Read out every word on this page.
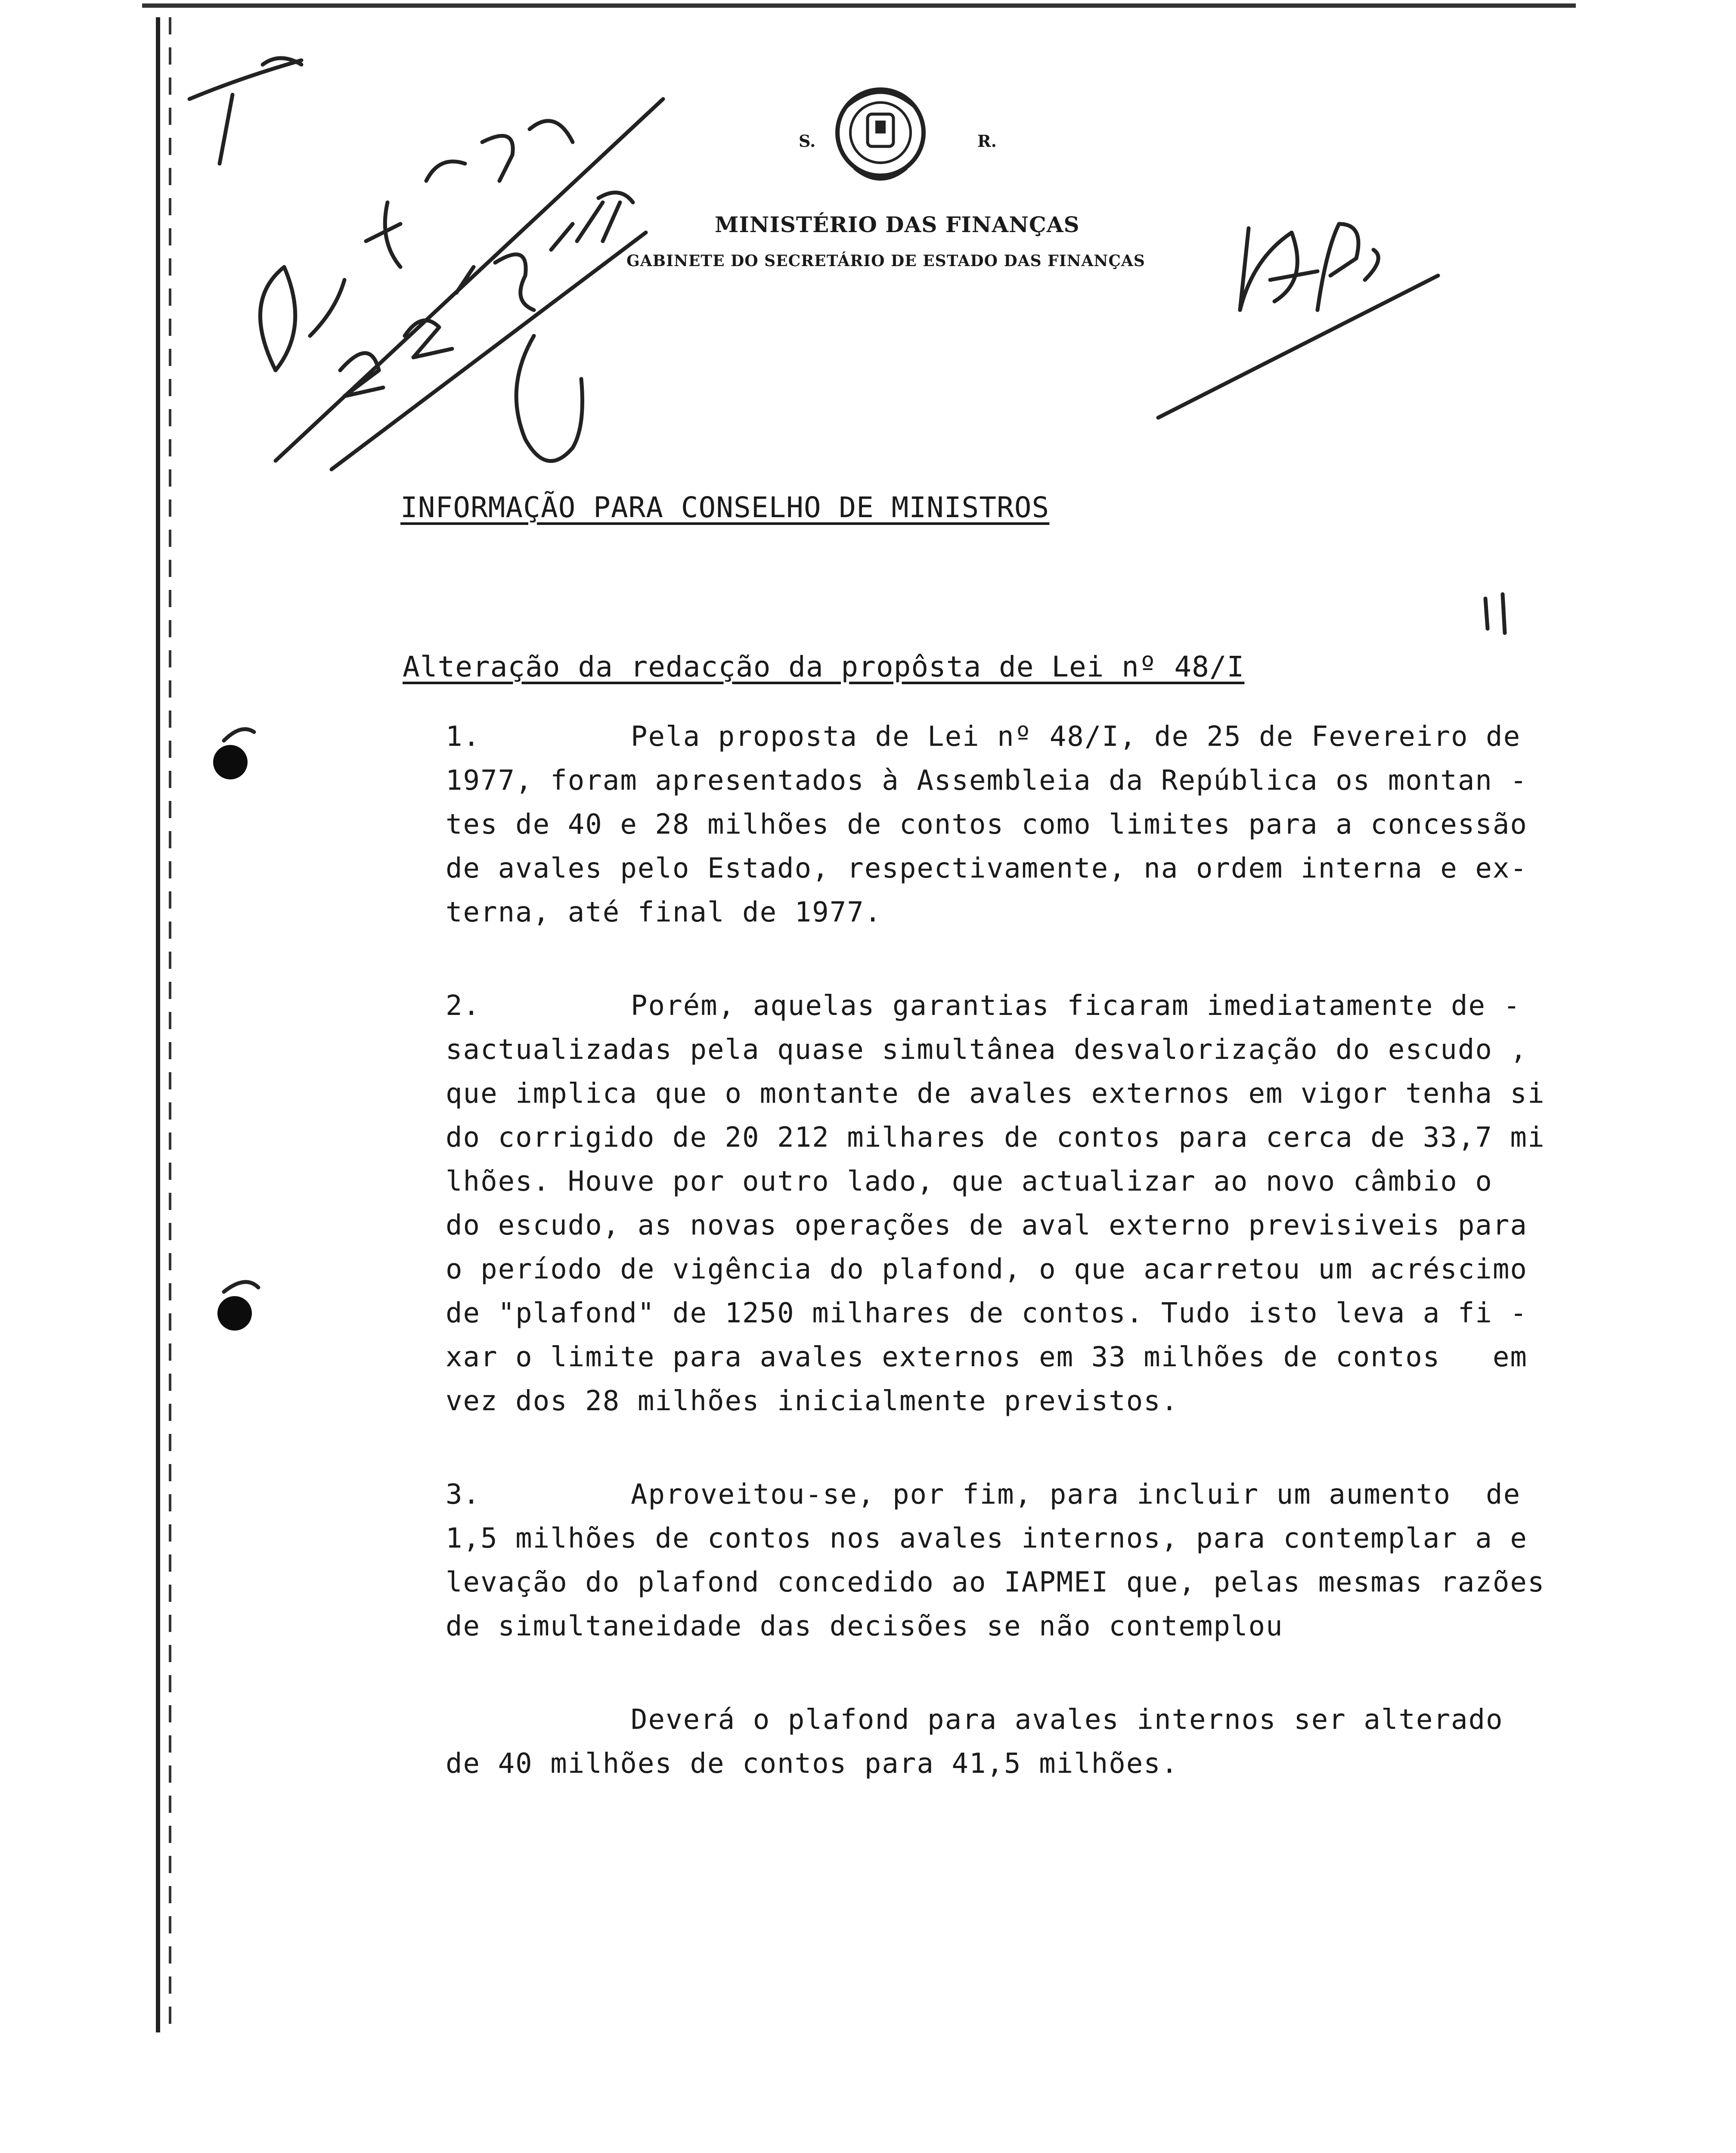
S.	R.
MINISTÉRIO DAS FINANÇAS
GABINETE DO SECRETÁRIO DE ESTADO DAS FINANÇAS
INFORMAÇÃO PARA CONSELHO DE MINISTROS
Alteração da redacção da propôsta de Lei nº 48/I
1.	Pela proposta de Lei nº 48/I, de 25 de Fevereiro de
1977, foram apresentados à Assembleia da República os montan -
tes de 40 e 28 milhões de contos como limites para a concessão
de avales pelo Estado, respectivamente, na ordem interna e ex-
terna, até final de 1977.
2.	Porém, aquelas garantias ficaram imediatamente de -
sactualizadas pela quase simultânea desvalorização do escudo ,
que implica que o montante de avales externos em vigor tenha si
do corrigido de 20 212 milhares de contos para cerca de 33,7 mi
lhões. Houve por outro lado, que actualizar ao novo câmbio o
do escudo, as novas operações de aval externo previsiveis para
o período de vigência do plafond, o que acarretou um acréscimo
de "plafond" de 1250 milhares de contos. Tudo isto leva a fi -
xar o limite para avales externos em 33 milhões de contos   em
vez dos 28 milhões inicialmente previstos.
3.	Aproveitou-se, por fim, para incluir um aumento  de
1,5 milhões de contos nos avales internos, para contemplar a e
levação do plafond concedido ao IAPMEI que, pelas mesmas razões
de simultaneidade das decisões se não contemplou
Deverá o plafond para avales internos ser alterado
de 40 milhões de contos para 41,5 milhões.
